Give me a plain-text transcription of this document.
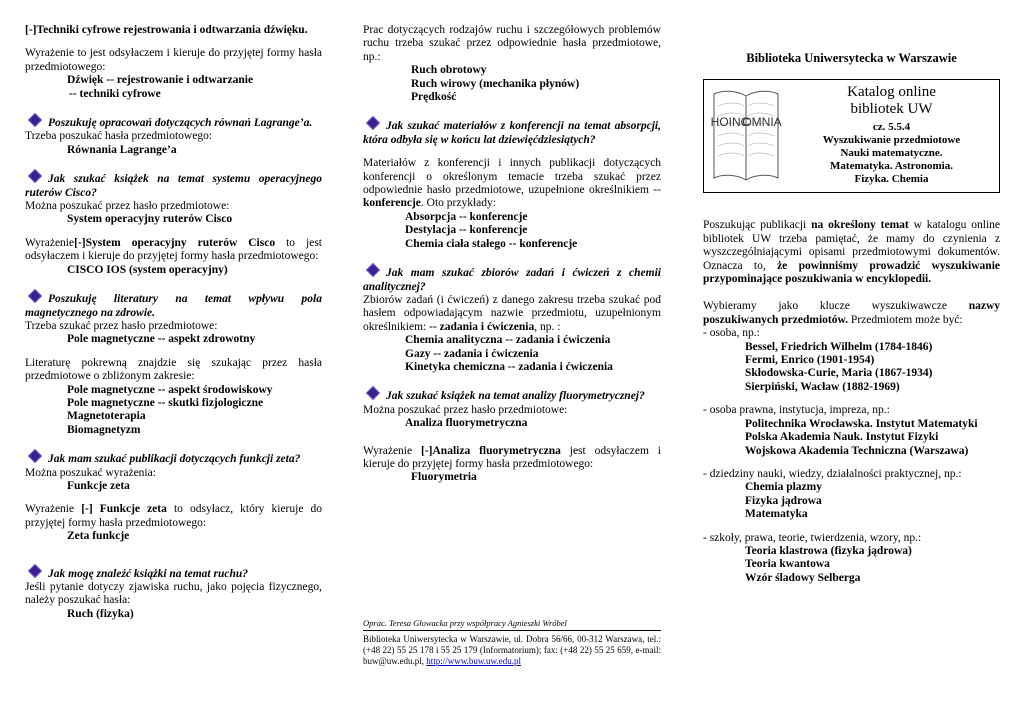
[-]Techniki cyfrowe rejestrowania i odtwarzania dźwięku.

Wyrażenie to jest odsyłaczem i kieruje do przyjętej formy hasła przedmiotowego:

Dźwięk -- rejestrowanie i odtwarzanie

-- techniki cyfrowe

Poszukuję opracowań dotyczących równań Lagrange’a.

Trzeba poszukać hasła przedmiotowego:

Równania Lagrange’a

Jak szukać książek na temat systemu operacyjnego ruterów Cisco?

Można poszukać przez hasło przedmiotowe:

System operacyjny ruterów Cisco

Wyrażenie[-]System operacyjny ruterów Cisco to jest odsyłaczem i kieruje do przyjętej formy hasła przedmiotowego:

CISCO IOS (system operacyjny)

Poszukuję literatury na temat wpływu pola magnetycznego na zdrowie.

Trzeba szukać przez hasło przedmiotowe:

Pole magnetyczne -- aspekt zdrowotny

Literaturę pokrewną znajdzie się szukając przez hasła przedmiotowe o zbliżonym zakresie:

Pole magnetyczne -- aspekt środowiskowy

Pole magnetyczne -- skutki fizjologiczne

Magnetoterapia

Biomagnetyzm

Jak mam szukać publikacji dotyczących funkcji zeta?

Można poszukać wyrażenia:

Funkcje zeta

Wyrażenie [-] Funkcje zeta to odsyłacz, który kieruje do przyjętej formy hasła przedmiotowego:

Zeta funkcje

Jak mogę znaleźć książki na temat ruchu?

Jeśli pytanie dotyczy zjawiska ruchu, jako pojęcia fizycznego, należy poszukać hasła:

Ruch (fizyka)

Prac dotyczących rodzajów ruchu i szczegółowych problemów ruchu trzeba szukać przez odpowiednie hasła przedmiotowe, np.:

Ruch obrotowy

Ruch wirowy (mechanika płynów)

Prędkość

Jak szukać materiałów z konferencji na temat absorpcji, która odbyła się w końcu lat dziewięćdziesiątych?

Materiałów z konferencji i innych publikacji dotyczących konferencji o określonym temacie trzeba szukać przez odpowiednie hasło przedmiotowe, uzupełnione określnikiem -- konferencje. Oto przykłady:

Absorpcja -- konferencje

Destylacja -- konferencje

Chemia ciała stałego -- konferencje

Jak mam szukać zbiorów zadań i ćwiczeń z chemii analitycznej?

Zbiorów zadań (i ćwiczeń) z danego zakresu trzeba szukać pod hasłem odpowiadającym nazwie przedmiotu, uzupełnionym określnikiem: -- zadania i ćwiczenia, np. :

Chemia analityczna -- zadania i ćwiczenia

Gazy -- zadania i ćwiczenia

Kinetyka chemiczna -- zadania i ćwiczenia

Jak szukać książek na temat analizy fluorymetrycznej?

Można poszukać przez hasło przedmiotowe:

Analiza fluorymetryczna

Wyrażenie [-]Analiza fluorymetryczna jest odsyłaczem i kieruje do przyjętej formy hasła przedmiotowego:

Fluorymetria

Oprac. Teresa Głowacka przy współpracy Agnieszki Wróbel
Biblioteka Uniwersytecka w Warszawie, ul. Dobra 56/66, 00-312 Warszawa, tel.: (+48 22) 55 25 178 i 55 25 179 (Informatorium); fax: (+48 22) 55 25 659, e-mail: buw@uw.edu.pl, http://www.buw.uw.edu.pl

Biblioteka Uniwersytecka w Warszawie

HOINC
OMNIA
Katalog online
bibliotek UW
cz. 5.5.4
Wyszukiwanie przedmiotowe
Nauki matematyczne.
Matematyka. Astronomia.
Fizyka. Chemia

Poszukując publikacji na określony temat w katalogu online bibliotek UW trzeba pamiętać, że mamy do czynienia z wyszczególniającymi opisami przedmiotowymi dokumentów. Oznacza to, że powinniśmy prowadzić wyszukiwanie przypominające poszukiwania w encyklopedii.

Wybieramy jako klucze wyszukiwawcze nazwy poszukiwanych przedmiotów. Przedmiotem może być:

- osoba, np.:

Bessel, Friedrich Wilhelm (1784-1846)

Fermi, Enrico (1901-1954)

Skłodowska-Curie, Maria (1867-1934)

Sierpiński, Wacław (1882-1969)

- osoba prawna, instytucja, impreza, np.:

Politechnika Wrocławska. Instytut Matematyki

Polska Akademia Nauk. Instytut Fizyki

Wojskowa Akademia Techniczna (Warszawa)

- dziedziny nauki, wiedzy, działalności praktycznej, np.:

Chemia plazmy

Fizyka jądrowa

Matematyka

- szkoły, prawa, teorie, twierdzenia, wzory, np.:

Teoria klastrowa (fizyka jądrowa)

Teoria kwantowa

Wzór śladowy Selberga
